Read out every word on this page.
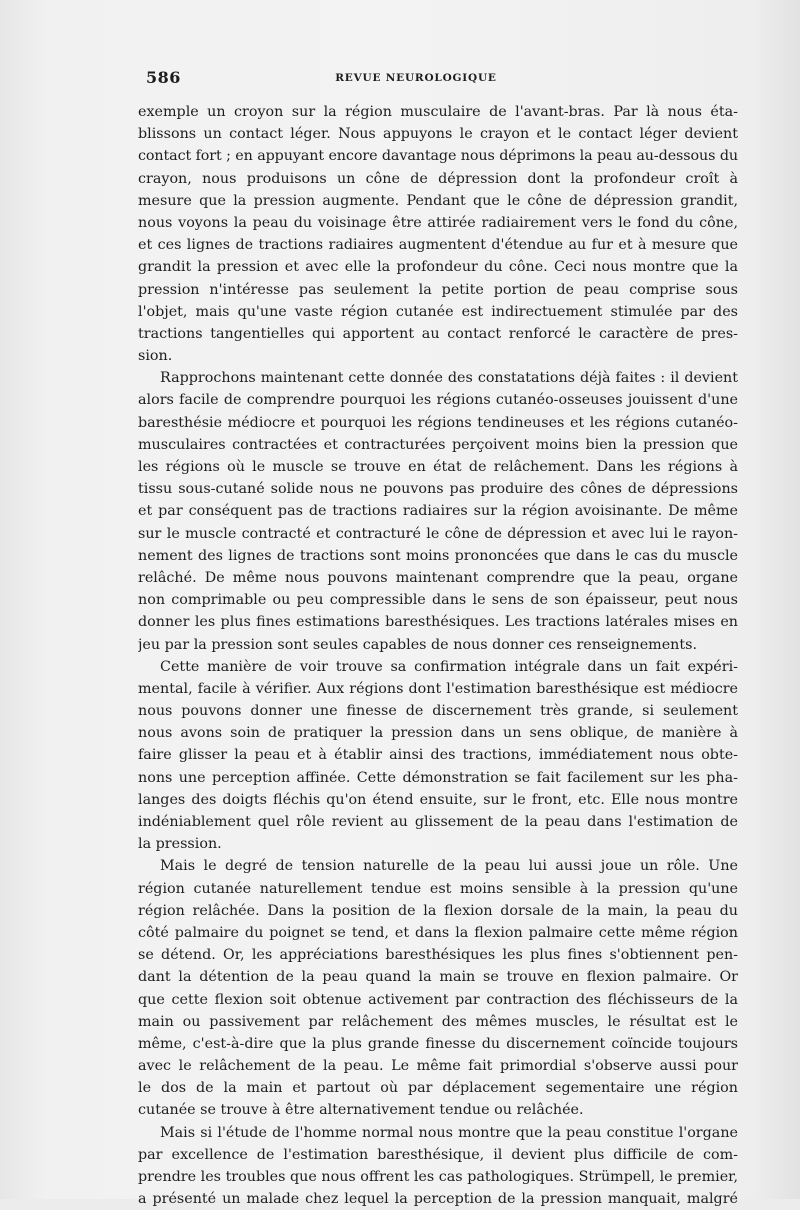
586	REVUE NEUROLOGIQUE
exemple un croyon sur la région musculaire de l'avant-bras. Par là nous éta-
blissons un contact léger. Nous appuyons le crayon et le contact léger devient
contact fort ; en appuyant encore davantage nous déprimons la peau au-dessous du
crayon, nous produisons un cône de dépression dont la profondeur croît à
mesure que la pression augmente. Pendant que le cône de dépression grandit,
nous voyons la peau du voisinage être attirée radiairement vers le fond du cône,
et ces lignes de tractions radiaires augmentent d'étendue au fur et à mesure que
grandit la pression et avec elle la profondeur du cône. Ceci nous montre que la
pression n'intéresse pas seulement la petite portion de peau comprise sous
l'objet, mais qu'une vaste région cutanée est indirectuement stimulée par des
tractions tangentielles qui apportent au contact renforcé le caractère de pres-
sion.
Rapprochons maintenant cette donnée des constatations déjà faites : il devient
alors facile de comprendre pourquoi les régions cutanéo-osseuses jouissent d'une
baresthésie médiocre et pourquoi les régions tendineuses et les régions cutanéo-
musculaires contractées et contracturées perçoivent moins bien la pression que
les régions où le muscle se trouve en état de relâchement. Dans les régions à
tissu sous-cutané solide nous ne pouvons pas produire des cônes de dépressions
et par conséquent pas de tractions radiaires sur la région avoisinante. De même
sur le muscle contracté et contracturé le cône de dépression et avec lui le rayon-
nement des lignes de tractions sont moins prononcées que dans le cas du muscle
relâché. De même nous pouvons maintenant comprendre que la peau, organe
non comprimable ou peu compressible dans le sens de son épaisseur, peut nous
donner les plus fines estimations baresthésiques. Les tractions latérales mises en
jeu par la pression sont seules capables de nous donner ces renseignements.
Cette manière de voir trouve sa confirmation intégrale dans un fait expéri-
mental, facile à vérifier. Aux régions dont l'estimation baresthésique est médiocre
nous pouvons donner une finesse de discernement très grande, si seulement
nous avons soin de pratiquer la pression dans un sens oblique, de manière à
faire glisser la peau et à établir ainsi des tractions, immédiatement nous obte-
nons une perception affinée. Cette démonstration se fait facilement sur les pha-
langes des doigts fléchis qu'on étend ensuite, sur le front, etc. Elle nous montre
indéniablement quel rôle revient au glissement de la peau dans l'estimation de
la pression.
Mais le degré de tension naturelle de la peau lui aussi joue un rôle. Une
région cutanée naturellement tendue est moins sensible à la pression qu'une
région relâchée. Dans la position de la flexion dorsale de la main, la peau du
côté palmaire du poignet se tend, et dans la flexion palmaire cette même région
se détend. Or, les appréciations baresthésiques les plus fines s'obtiennent pen-
dant la détention de la peau quand la main se trouve en flexion palmaire. Or
que cette flexion soit obtenue activement par contraction des fléchisseurs de la
main ou passivement par relâchement des mêmes muscles, le résultat est le
même, c'est-à-dire que la plus grande finesse du discernement coïncide toujours
avec le relâchement de la peau. Le même fait primordial s'observe aussi pour
le dos de la main et partout où par déplacement segementaire une région
cutanée se trouve à être alternativement tendue ou relâchée.
Mais si l'étude de l'homme normal nous montre que la peau constitue l'organe
par excellence de l'estimation baresthésique, il devient plus difficile de com-
prendre les troubles que nous offrent les cas pathologiques. Strümpell, le premier,
a présenté un malade chez lequel la perception de la pression manquait, malgré
